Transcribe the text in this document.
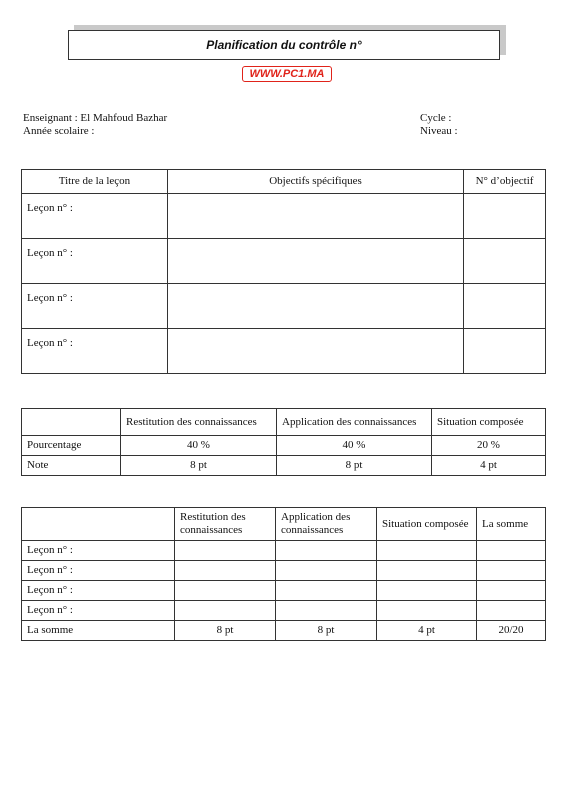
Planification du contrôle n°
WWW.PC1.MA
Enseignant : El Mahfoud Bazhar
Année scolaire :
Cycle :
Niveau :
Titre de la leçon	Objectifs spécifiques	N° d’objectif
Leçon n° :		
Leçon n° :		
Leçon n° :		
Leçon n° :		
	Restitution des connaissances	Application des connaissances	Situation composée
Pourcentage	40 %	40 %	20 %
Note	8 pt	8 pt	4 pt
	Restitution des connaissances	Application des connaissances	Situation composée	La somme
Leçon n° :				
Leçon n° :				
Leçon n° :				
Leçon n° :				
La somme	8 pt	8 pt	4 pt	20/20
